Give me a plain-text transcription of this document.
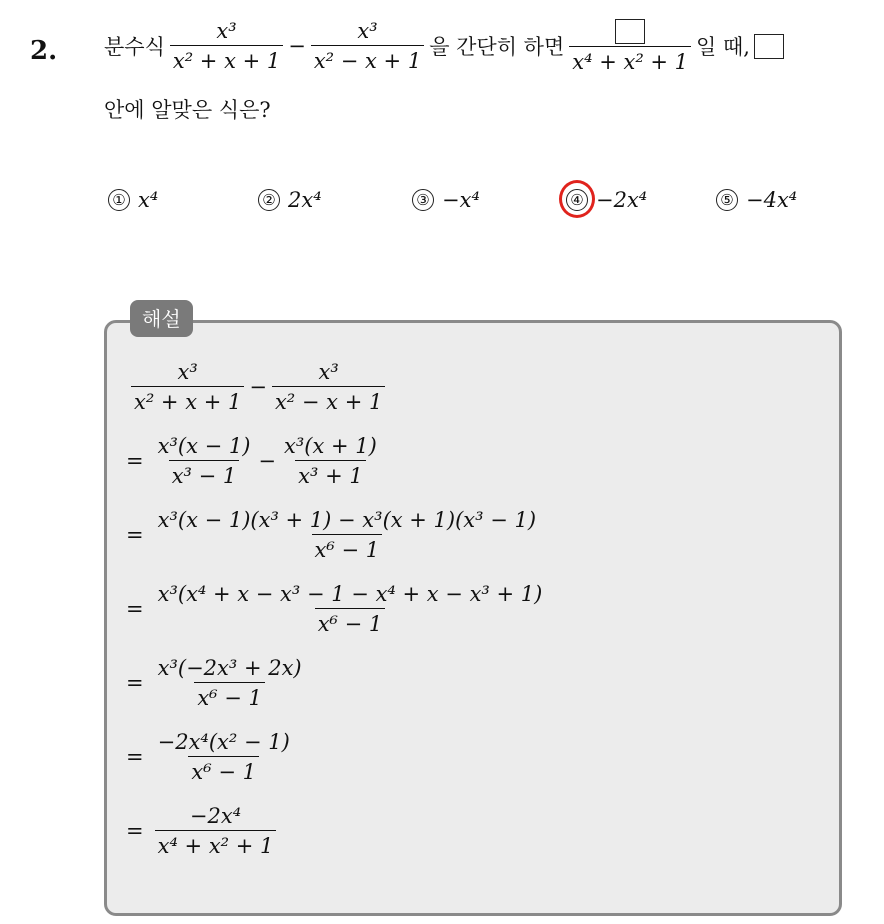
2. 분수식 $\frac{\text{x³}}{\text{x² + x + 1}} - \frac{\text{x³}}{\text{x² − x + 1}}$ 을 간단히 하면
x⁴ + x² + 1
일 때,
안에 알맞은 식은?
① x⁴	② 2x⁴	③ −x⁴	④ −2x⁴	⑤ −4x⁴
해설
$\frac{\text{x³}}{\text{x² + x + 1}} - \frac{\text{x³}}{\text{x² − x + 1}}$
= $\frac{\text{x³(x − 1)}}{\text{x³ − 1}} - \frac{\text{x³(x + 1)}}{\text{x³ + 1}}$
= $\frac{\text{x³(x − 1)(x³ + 1) − x³(x + 1)(x³ − 1)}}{\text{x⁶ − 1}}$
= $\frac{\text{x³(x⁴ + x − x³ − 1 − x⁴ + x − x³ + 1)}}{\text{x⁶ − 1}}$
= $\frac{\text{x³(−2x³ + 2x)}}{\text{x⁶ − 1}}$
= $\frac{\text{−2x⁴(x² − 1)}}{\text{x⁶ − 1}}$
= $\frac{\text{−2x⁴}}{\text{x⁴ + x² + 1}}$
